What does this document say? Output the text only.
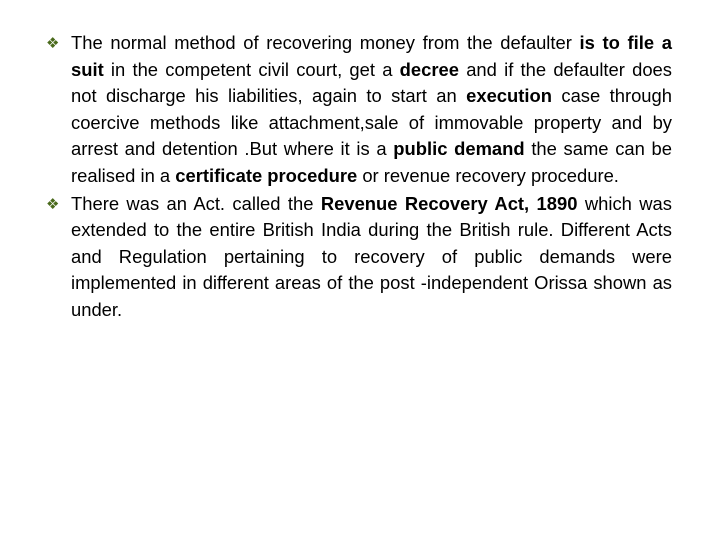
❖ The normal method of recovering money from the defaulter is to file a suit in the competent civil court, get a decree and if the defaulter does not discharge his liabilities, again to start an execution case through coercive methods like attachment,sale of immovable property and by arrest and detention .But where it is a public demand the same can be realised in a certificate procedure or revenue recovery procedure.
❖ There was an Act. called the Revenue Recovery Act, 1890 which was extended to the entire British India during the British rule. Different Acts and Regulation pertaining to recovery of public demands were implemented in different areas of the post -independent Orissa shown as under.
